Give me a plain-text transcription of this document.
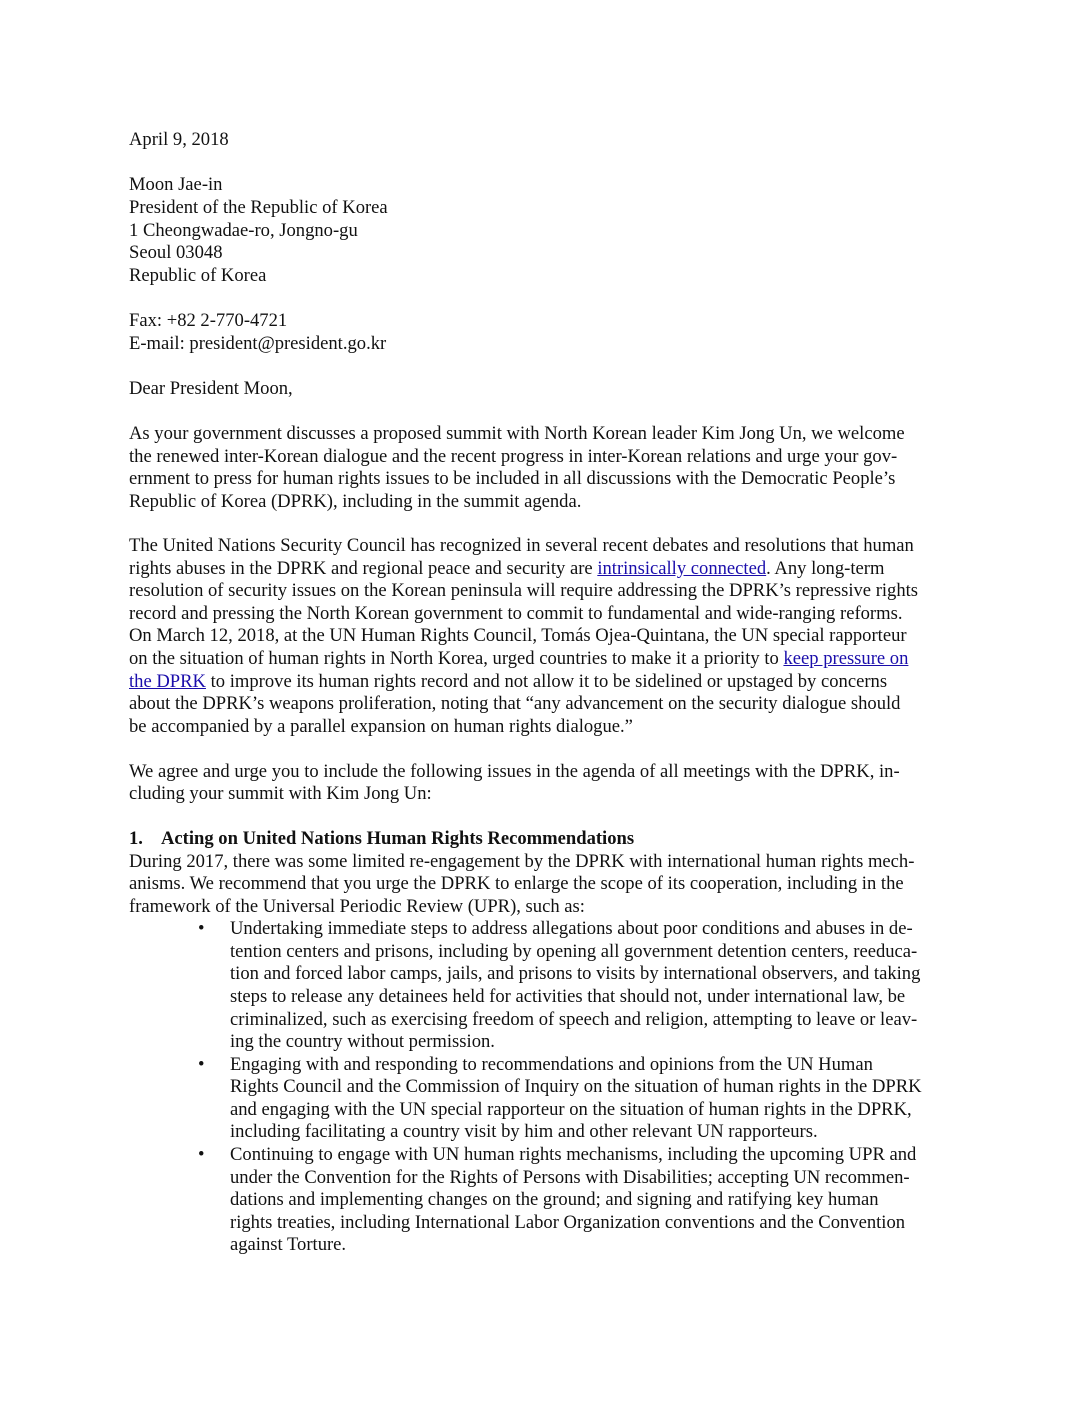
April 9, 2018
Moon Jae-in
President of the Republic of Korea
1 Cheongwadae-ro, Jongno-gu
Seoul 03048
Republic of Korea
Fax: +82 2-770-4721
E-mail: president@president.go.kr
Dear President Moon,
As your government discusses a proposed summit with North Korean leader Kim Jong Un, we welcome
the renewed inter-Korean dialogue and the recent progress in inter-Korean relations and urge your gov-
ernment to press for human rights issues to be included in all discussions with the Democratic People’s
Republic of Korea (DPRK), including in the summit agenda.
The United Nations Security Council has recognized in several recent debates and resolutions that human
rights abuses in the DPRK and regional peace and security are intrinsically connected. Any long-term
resolution of security issues on the Korean peninsula will require addressing the DPRK’s repressive rights
record and pressing the North Korean government to commit to fundamental and wide-ranging reforms.
On March 12, 2018, at the UN Human Rights Council, Tomás Ojea-Quintana, the UN special rapporteur
on the situation of human rights in North Korea, urged countries to make it a priority to keep pressure on
the DPRK to improve its human rights record and not allow it to be sidelined or upstaged by concerns
about the DPRK’s weapons proliferation, noting that “any advancement on the security dialogue should
be accompanied by a parallel expansion on human rights dialogue.”
We agree and urge you to include the following issues in the agenda of all meetings with the DPRK, in-
cluding your summit with Kim Jong Un:
1. Acting on United Nations Human Rights Recommendations
During 2017, there was some limited re-engagement by the DPRK with international human rights mech-
anisms. We recommend that you urge the DPRK to enlarge the scope of its cooperation, including in the
framework of the Universal Periodic Review (UPR), such as:
• Undertaking immediate steps to address allegations about poor conditions and abuses in de-
tention centers and prisons, including by opening all government detention centers, reeduca-
tion and forced labor camps, jails, and prisons to visits by international observers, and taking
steps to release any detainees held for activities that should not, under international law, be
criminalized, such as exercising freedom of speech and religion, attempting to leave or leav-
ing the country without permission.
• Engaging with and responding to recommendations and opinions from the UN Human
Rights Council and the Commission of Inquiry on the situation of human rights in the DPRK
and engaging with the UN special rapporteur on the situation of human rights in the DPRK,
including facilitating a country visit by him and other relevant UN rapporteurs.
• Continuing to engage with UN human rights mechanisms, including the upcoming UPR and
under the Convention for the Rights of Persons with Disabilities; accepting UN recommen-
dations and implementing changes on the ground; and signing and ratifying key human
rights treaties, including International Labor Organization conventions and the Convention
against Torture.
